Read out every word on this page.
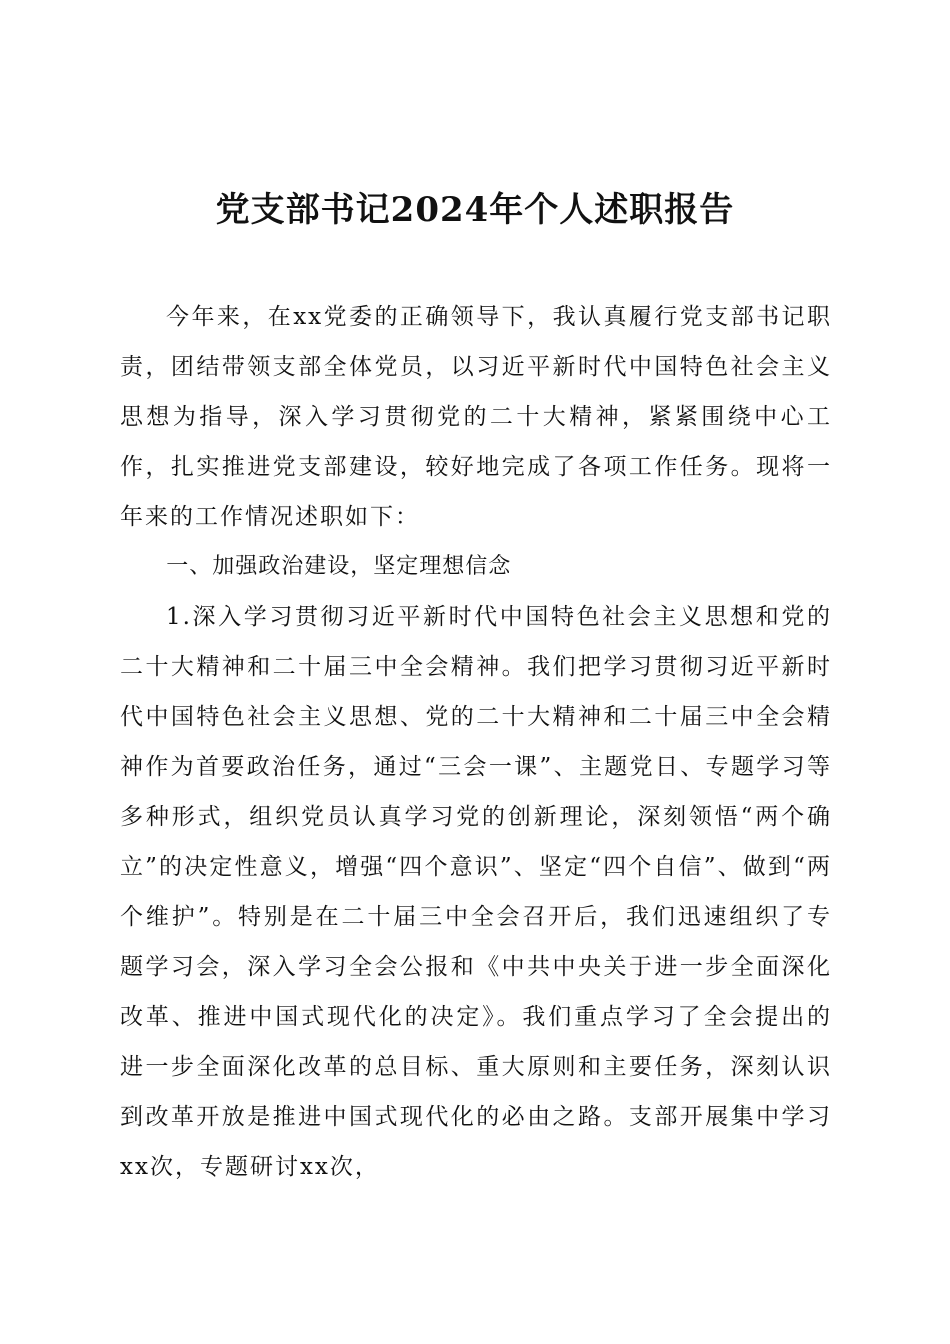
党支部书记2024年个人述职报告

今年来，在xx党委的正确领导下，我认真履行党支部书记职责，团结带领支部全体党员，以习近平新时代中国特色社会主义思想为指导，深入学习贯彻党的二十大精神，紧紧围绕中心工作，扎实推进党支部建设，较好地完成了各项工作任务。现将一年来的工作情况述职如下：

一、加强政治建设，坚定理想信念

1.深入学习贯彻习近平新时代中国特色社会主义思想和党的二十大精神和二十届三中全会精神。我们把学习贯彻习近平新时代中国特色社会主义思想、党的二十大精神和二十届三中全会精神作为首要政治任务，通过“三会一课”、主题党日、专题学习等多种形式，组织党员认真学习党的创新理论，深刻领悟“两个确立”的决定性意义，增强“四个意识”、坚定“四个自信”、做到“两个维护”。特别是在二十届三中全会召开后，我们迅速组织了专题学习会，深入学习全会公报和《中共中央关于进一步全面深化改革、推进中国式现代化的决定》。我们重点学习了全会提出的进一步全面深化改革的总目标、重大原则和主要任务，深刻认识到改革开放是推进中国式现代化的必由之路。支部开展集中学习xx次，专题研讨xx次，
